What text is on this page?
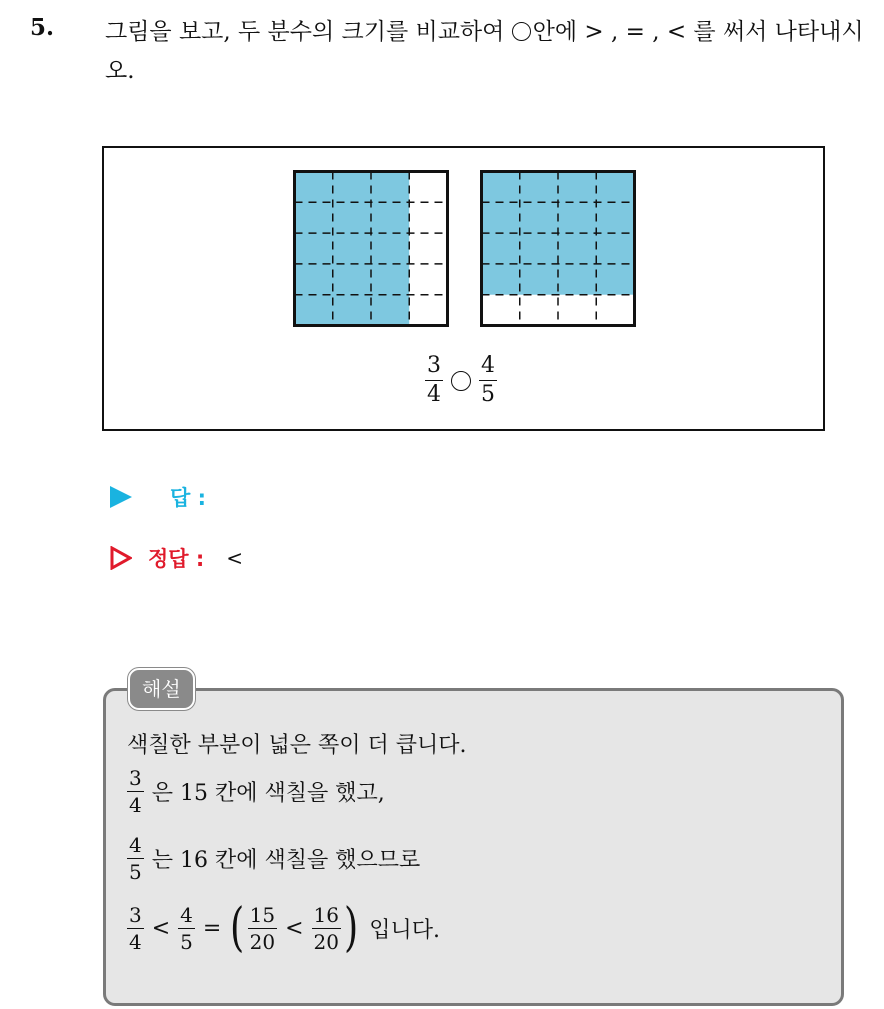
5. 그림을 보고, 두 분수의 크기를 비교하여 안에 > , = , < 를 써서 나타내시오.
$\frac{3}{4} \frac{4}{5}$
답 :
정답 : <
해설
색칠한 부분이 넓은 쪽이 더 큽니다.
$\frac{3}{4}$ 은 15 칸에 색칠을 했고,
$\frac{4}{5}$ 는 16 칸에 색칠을 했으므로
$\frac{3}{4} < \frac{4}{5}$ = ( $\frac{15}{20} < \frac{16}{20}$ ) 입니다.
